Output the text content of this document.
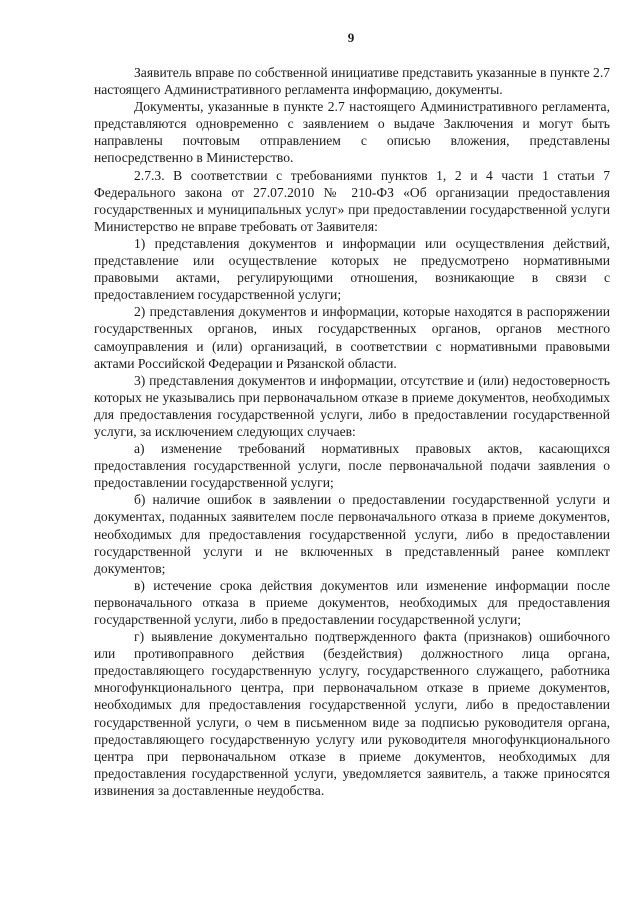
9

Заявитель вправе по собственной инициативе представить указанные в пункте 2.7 настоящего Административного регламента информацию, документы.

Документы, указанные в пункте 2.7 настоящего Административного регламента, представляются одновременно с заявлением о выдаче Заключения и могут быть направлены почтовым отправлением с описью вложения, представлены непосредственно в Министерство.

2.7.3. В соответствии с требованиями пунктов 1, 2 и 4 части 1 статьи 7 Федерального закона от 27.07.2010 № 210-ФЗ «Об организации предоставления государственных и муниципальных услуг» при предоставлении государственной услуги Министерство не вправе требовать от Заявителя:

1) представления документов и информации или осуществления действий, представление или осуществление которых не предусмотрено нормативными правовыми актами, регулирующими отношения, возникающие в связи с предоставлением государственной услуги;

2) представления документов и информации, которые находятся в распоряжении государственных органов, иных государственных органов, органов местного самоуправления и (или) организаций, в соответствии с нормативными правовыми актами Российской Федерации и Рязанской области.

3) представления документов и информации, отсутствие и (или) недостоверность которых не указывались при первоначальном отказе в приеме документов, необходимых для предоставления государственной услуги, либо в предоставлении государственной услуги, за исключением следующих случаев:

а) изменение требований нормативных правовых актов, касающихся предоставления государственной услуги, после первоначальной подачи заявления о предоставлении государственной услуги;

б) наличие ошибок в заявлении о предоставлении государственной услуги и документах, поданных заявителем после первоначального отказа в приеме документов, необходимых для предоставления государственной услуги, либо в предоставлении государственной услуги и не включенных в представленный ранее комплект документов;

в) истечение срока действия документов или изменение информации после первоначального отказа в приеме документов, необходимых для предоставления государственной услуги, либо в предоставлении государственной услуги;

г) выявление документально подтвержденного факта (признаков) ошибочного или противоправного действия (бездействия) должностного лица органа, предоставляющего государственную услугу, государственного служащего, работника многофункционального центра, при первоначальном отказе в приеме документов, необходимых для предоставления государственной услуги, либо в предоставлении государственной услуги, о чем в письменном виде за подписью руководителя органа, предоставляющего государственную услугу или руководителя многофункционального центра при первоначальном отказе в приеме документов, необходимых для предоставления государственной услуги, уведомляется заявитель, а также приносятся извинения за доставленные неудобства.
